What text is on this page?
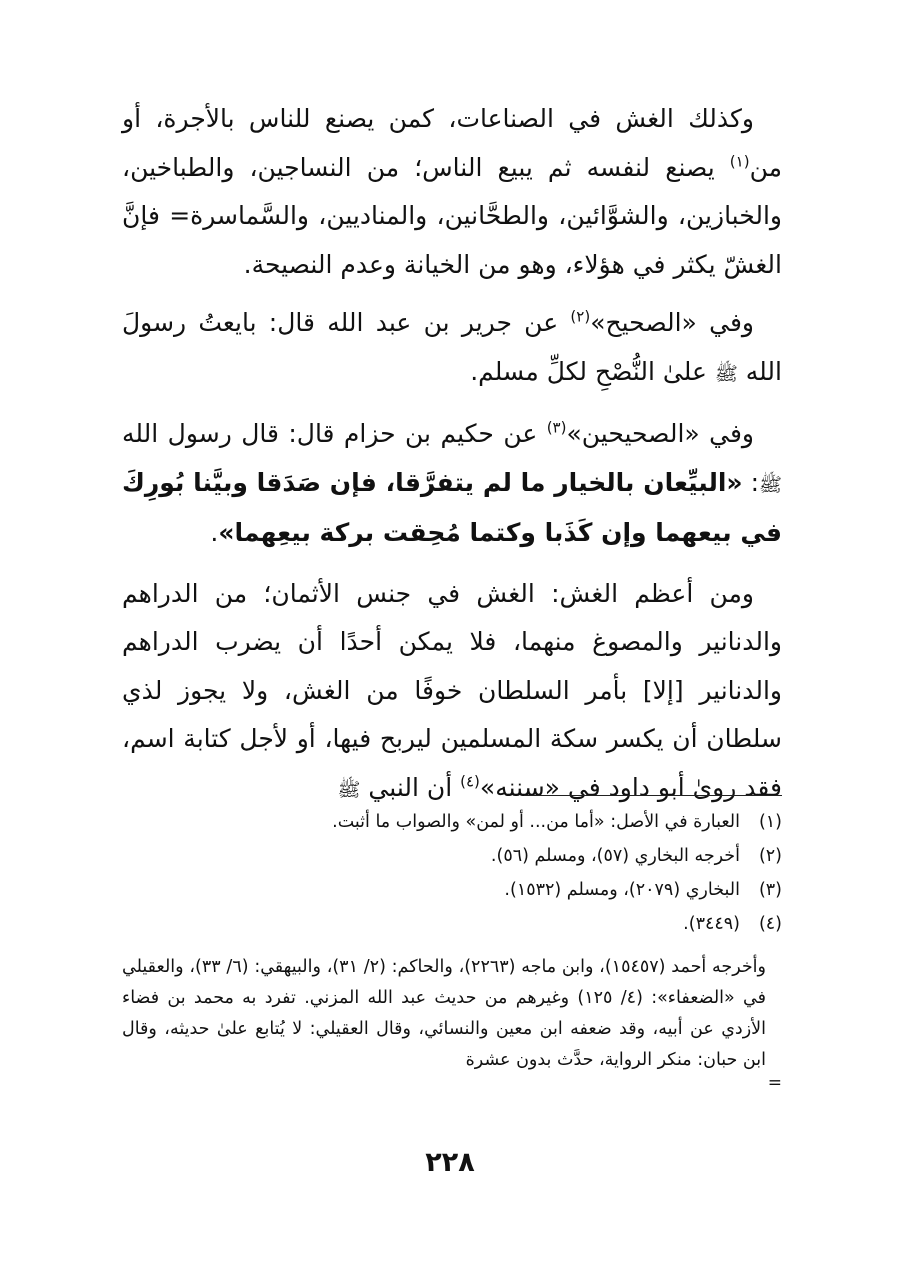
وكذلك الغش في الصناعات، كمن يصنع للناس بالأجرة، أو من$^{(١)}$ يصنع لنفسه ثم يبيع الناس؛ من النساجين، والطباخين، والخبازين، والشوَّائين، والطحَّانين، والمناديين، والسَّماسرة= فإنَّ الغشّ يكثر في هؤلاء، وهو من الخيانة وعدم النصيحة.

وفي «الصحيح»$^{(٢)}$ عن جرير بن عبد الله قال: بايعتُ رسولَ الله ﷺ علىٰ النُّصْحِ لكلِّ مسلم.

وفي «الصحيحين»$^{(٣)}$ عن حكيم بن حزام قال: قال رسول الله ﷺ: «البيِّعان بالخيار ما لم يتفرَّقا، فإن صَدَقا وبيَّنا بُورِكَ في بيعهما وإن كَذَبا وكتما مُحِقت بركة بيعِهما».

ومن أعظم الغش: الغش في جنس الأثمان؛ من الدراهم والدنانير والمصوغ منهما، فلا يمكن أحدًا أن يضرب الدراهم والدنانير [إلا] بأمر السلطان خوفًا من الغش، ولا يجوز لذي سلطان أن يكسر سكة المسلمين ليربح فيها، أو لأجل كتابة اسم، فقد روىٰ أبو داود في «سننه»$^{(٤)}$ أن النبي ﷺ

(١)
العبارة في الأصل: «أما من... أو لمن» والصواب ما أثبت.
(٢)
أخرجه البخاري (٥٧)، ومسلم (٥٦).
(٣)
البخاري (٢٠٧٩)، ومسلم (١٥٣٢).
(٤)
(٣٤٤٩).
وأخرجه أحمد (١٥٤٥٧)، وابن ماجه (٢٢٦٣)، والحاكم: (٢/ ٣١)، والبيهقي: (٦/ ٣٣)، والعقيلي في «الضعفاء»: (٤/ ١٢٥) وغيرهم من حديث عبد الله المزني. تفرد به محمد بن فضاء الأزدي عن أبيه، وقد ضعفه ابن معين والنسائي، وقال العقيلي: لا يُتابع علىٰ حديثه، وقال ابن حبان: منكر الرواية، حدَّث بدون عشرة
=
٢٢٨
